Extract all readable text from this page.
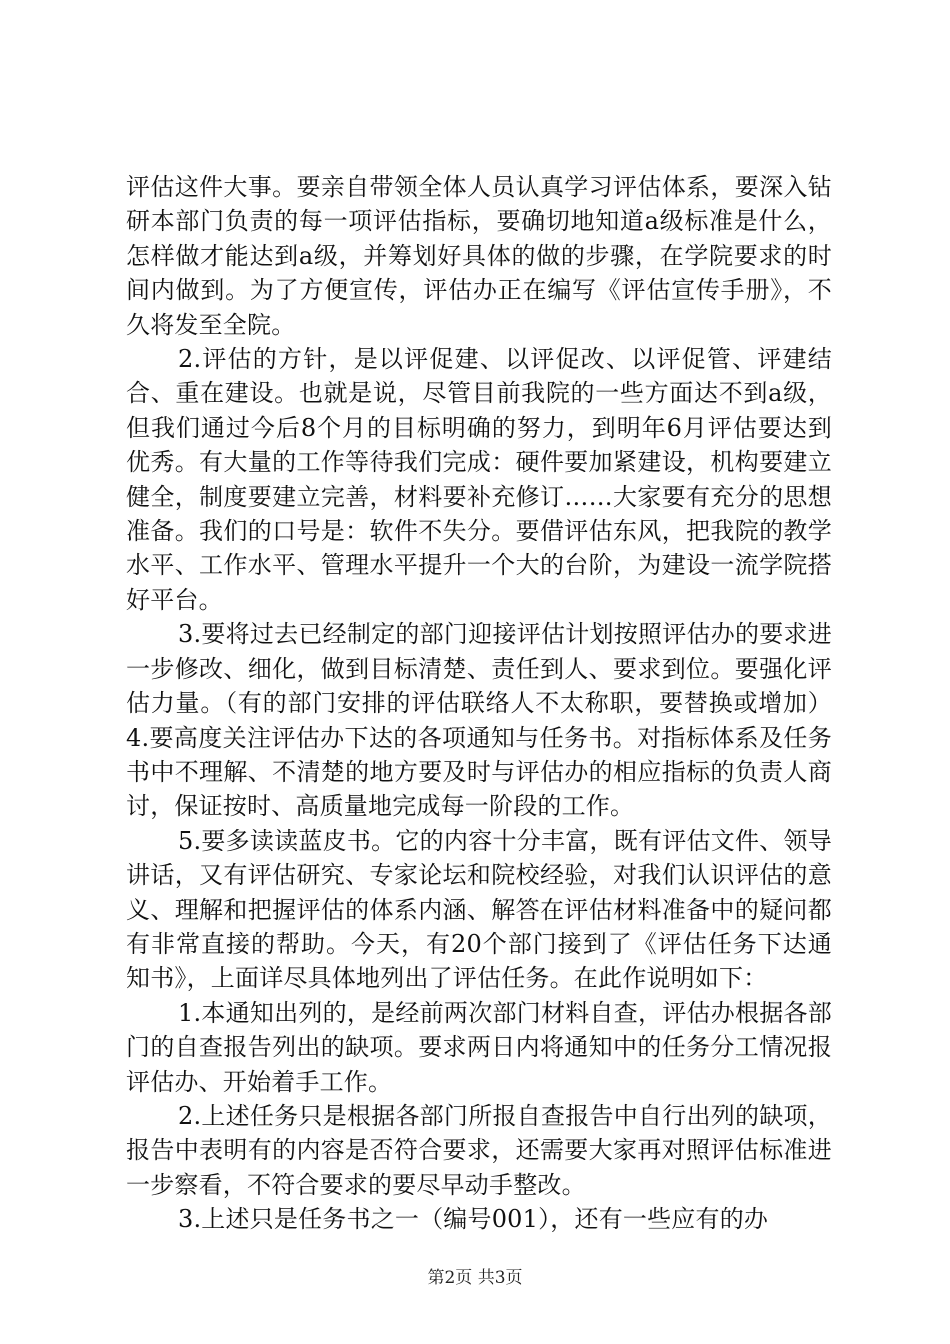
评估这件大事。要亲自带领全体人员认真学习评估体系，要深入钻研本部门负责的每一项评估指标，要确切地知道a级标准是什么，怎样做才能达到a级，并筹划好具体的做的步骤，在学院要求的时间内做到。为了方便宣传，评估办正在编写《评估宣传手册》，不久将发至全院。

2.评估的方针，是以评促建、以评促改、以评促管、评建结合、重在建设。也就是说，尽管目前我院的一些方面达不到a级，但我们通过今后8个月的目标明确的努力，到明年6月评估要达到优秀。有大量的工作等待我们完成：硬件要加紧建设，机构要建立健全，制度要建立完善，材料要补充修订……大家要有充分的思想准备。我们的口号是：软件不失分。要借评估东风，把我院的教学水平、工作水平、管理水平提升一个大的台阶，为建设一流学院搭好平台。

3.要将过去已经制定的部门迎接评估计划按照评估办的要求进一步修改、细化，做到目标清楚、责任到人、要求到位。要强化评估力量。（有的部门安排的评估联络人不太称职，要替换或增加）4.要高度关注评估办下达的各项通知与任务书。对指标体系及任务书中不理解、不清楚的地方要及时与评估办的相应指标的负责人商讨，保证按时、高质量地完成每一阶段的工作。

5.要多读读蓝皮书。它的内容十分丰富，既有评估文件、领导讲话，又有评估研究、专家论坛和院校经验，对我们认识评估的意义、理解和把握评估的体系内涵、解答在评估材料准备中的疑问都有非常直接的帮助。今天，有20个部门接到了《评估任务下达通知书》，上面详尽具体地列出了评估任务。在此作说明如下：

1.本通知出列的，是经前两次部门材料自查，评估办根据各部门的自查报告列出的缺项。要求两日内将通知中的任务分工情况报评估办、开始着手工作。

2.上述任务只是根据各部门所报自查报告中自行出列的缺项，报告中表明有的内容是否符合要求，还需要大家再对照评估标准进一步察看，不符合要求的要尽早动手整改。

3.上述只是任务书之一（编号001），还有一些应有的办

第2页 共3页
